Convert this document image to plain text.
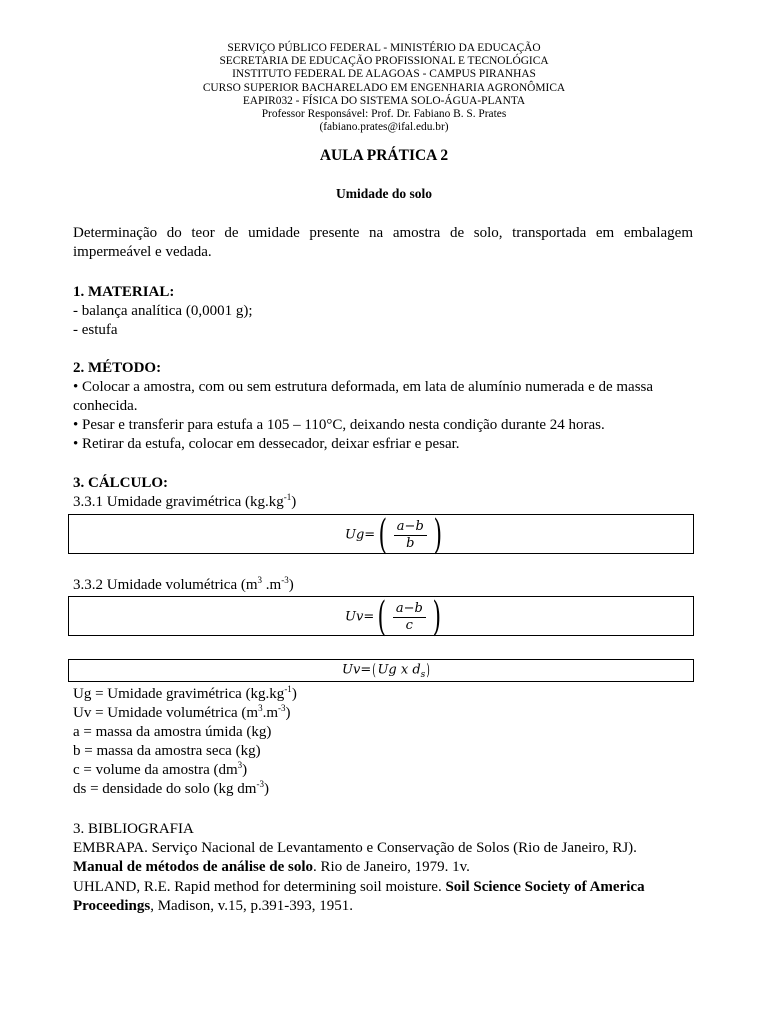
SERVIÇO PÚBLICO FEDERAL - MINISTÉRIO DA EDUCAÇÃO
SECRETARIA DE EDUCAÇÃO PROFISSIONAL E TECNOLÓGICA
INSTITUTO FEDERAL DE ALAGOAS - CAMPUS PIRANHAS
CURSO SUPERIOR BACHARELADO EM ENGENHARIA AGRONÔMICA
EAPIR032 - FÍSICA DO SISTEMA SOLO-ÁGUA-PLANTA
Professor Responsável: Prof. Dr. Fabiano B. S. Prates
(fabiano.prates@ifal.edu.br)
AULA PRÁTICA 2
Umidade do solo
Determinação do teor de umidade presente na amostra de solo, transportada em embalagem impermeável e vedada.
1. MATERIAL:
- balança analítica (0,0001 g);
- estufa
2. MÉTODO:
• Colocar a amostra, com ou sem estrutura deformada, em lata de alumínio numerada e de massa
conhecida.
• Pesar e transferir para estufa a 105 – 110°C, deixando nesta condição durante 24 horas.
• Retirar da estufa, colocar em dessecador, deixar esfriar e pesar.
3. CÁLCULO:
3.3.1 Umidade gravimétrica $(kg.kg^{-1})$
$Ug=( \frac{a-b}{b}$ )
3.3.2 Umidade volumétrica ($m^3$ $.m^{-3}$)
$Uv=( \frac{a-b}{c}$ )
Uv=(Ug x $d_s$)
Ug = Umidade gravimétrica $(kg.kg^{-1})$
Uv = Umidade volumétrica $(m^3.m^{-3})$
a = massa da amostra úmida (kg)
b = massa da amostra seca (kg)
c = volume da amostra $(dm^3)$
ds = densidade do solo (kg $dm^{-3}$)
3. BIBLIOGRAFIA
EMBRAPA. Serviço Nacional de Levantamento e Conservação de Solos (Rio de Janeiro, RJ).
Manual de métodos de análise de solo. Rio de Janeiro, 1979. 1v.
UHLAND, R.E. Rapid method for determining soil moisture. Soil Science Society of America
Proceedings, Madison, v.15, p.391-393, 1951.
